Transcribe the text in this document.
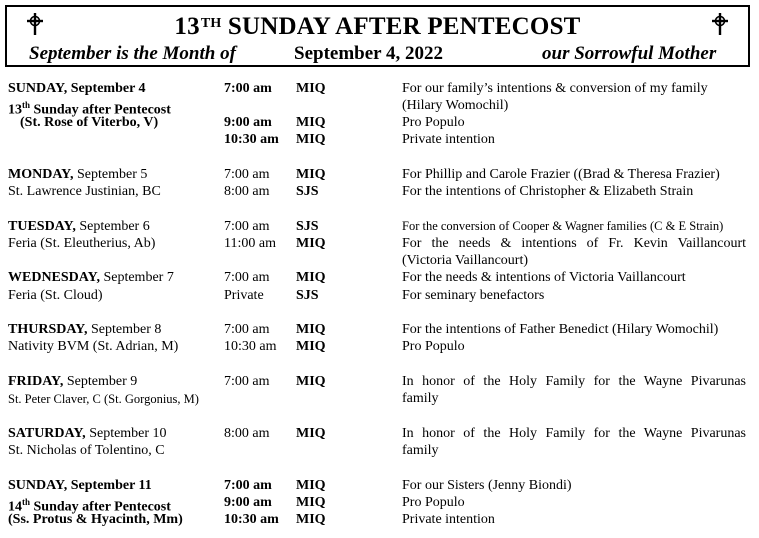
13TH SUNDAY AFTER PENTECOST
September is the Month of	September 4, 2022	our Sorrowful Mother
SUNDAY, September 4
13th Sunday after Pentecost
(St. Rose of Viterbo, V)
7:00 am MIQ	For our family’s intentions & conversion of my family
(Hilary Womochil)
9:00 am MIQ	Pro Populo
10:30 am MIQ	Private intention
MONDAY, September 5
St. Lawrence Justinian, BC
7:00 am MIQ	For Phillip and Carole Frazier ((Brad & Theresa Frazier)
8:00 am SJS	For the intentions of Christopher & Elizabeth Strain
TUESDAY, September 6
Feria (St. Eleutherius, Ab)
7:00 am SJS	For the conversion of Cooper & Wagner families (C & E Strain)
11:00 am MIQ	For the needs & intentions of Fr. Kevin Vaillancourt
(Victoria Vaillancourt)
WEDNESDAY, September 7
Feria (St. Cloud)
7:00 am MIQ	For the needs & intentions of Victoria Vaillancourt
Private SJS	For seminary benefactors
THURSDAY, September 8
Nativity BVM (St. Adrian, M)
7:00 am MIQ	For the intentions of Father Benedict (Hilary Womochil)
10:30 am MIQ	Pro Populo
FRIDAY, September 9
St. Peter Claver, C (St. Gorgonius, M)
7:00 am MIQ	In honor of the Holy Family for the Wayne Pivarunas
family
SATURDAY, September 10
St. Nicholas of Tolentino, C
8:00 am MIQ	In honor of the Holy Family for the Wayne Pivarunas
family
SUNDAY, September 11
14th Sunday after Pentecost
(Ss. Protus & Hyacinth, Mm)
7:00 am MIQ	For our Sisters (Jenny Biondi)
9:00 am MIQ	Pro Populo
10:30 am MIQ	Private intention
